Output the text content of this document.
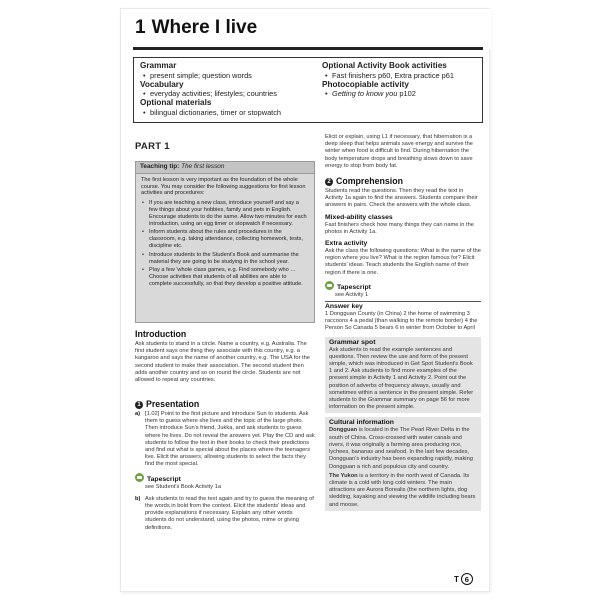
1 Where I live
Grammar
• present simple; question words
Vocabulary
• everyday activities; lifestyles; countries
Optional materials
• bilingual dictionaries, timer or stopwatch
Optional Activity Book activities
• Fast finishers p60, Extra practice p61
Photocopiable activity
• Getting to know you p102
PART 1
Teaching tip: The first lesson
The first lesson is very important as the foundation of the whole course. You may consider the following suggestions for first lesson activities and procedures:
• If you are teaching a new class, introduce yourself and say a few things about your hobbies, family and pets in English. Encourage students to do the same. Allow two minutes for each introduction, using an egg timer or stopwatch if necessary.
• Inform students about the rules and procedures in the classroom, e.g. taking attendance, collecting homework, tests, discipline etc.
• Introduce students to the Student's Book and summarise the material they are going to be studying in the school year.
• Play a few 'whole class games, e.g. Find somebody who … Choose activities that students of all abilities are able to complete successfully, so that they develop a positive attitude.
Introduction
Ask students to stand in a circle. Name a country, e.g. Australia. The first student says one thing they associate with this country, e.g. a kangaroo and says the name of another country, e.g. The USA for the second student to make their association. The second student then adds another country and so on round the circle. Students are not allowed to repeat any countries.
1 Presentation
a) [1.02] Point to the first picture and introduce Sun to students. Ask them to guess where she lives and the topic of the large photo. Then introduce Sun's friend, Jukka, and ask students to guess where he lives. Do not reveal the answers yet. Play the CD and ask students to follow the text in their books to check their predictions and find out what is special about the places where the teenagers live. Elicit the answers, allowing students to select the facts they find the most special.
Tapescript
see Student's Book Activity 1a
b) Ask students to read the text again and try to guess the meaning of the words in bold from the context. Elicit the students' ideas and provide explanations if necessary. Explain any other words students do not understand, using the photos, mime or giving definitions.
Elicit or explain, using L1 if necessary, that hibernation is a deep sleep that helps animals save energy and survive the winter when food is difficult to find. During hibernation the body temperature drops and breathing slows down to save energy to stop from body fat.
2 Comprehension
Students read the questions. Then they read the text in Activity 1a again to find the answers. Students compare their answers in pairs. Check the answers with the whole class.
Mixed-ability classes
Fast finishers check how many things they can name in the photos in Activity 1a.
Extra activity
Ask the class the following questions: What is the name of the region where you live? What is the region famous for? Elicit students' ideas. Teach students the English name of their region if there is one.
Tapescript
see Activity 1
Answer key
1 Dongguan County (in China) 2 the home of swimming 3 raccoons 4 a pedal (than walking to the remote border) 4 the Person So Canada 5 bears 6 in winter from October to April
Grammar spot
Ask students to read the example sentences and questions. Then review the use and form of the present simple, which was introduced in Get Spot Student's Book 1 and 2. Ask students to find more examples of the present simple in Activity 1 and Activity 2. Point out the position of adverbs of frequency always, usually and sometimes within a sentence in the present simple. Refer students to the Grammar summary on page 56 for more information on the present simple.
Cultural information
Dongguan is located in the The Pearl River Delta in the south of China. Cross-crossed with water canals and rivers, it was originally a farming area producing rice, lychees, bananas and seafood. In the last few decades, Dongguan's industry has been expanding rapidly, making Dongguan a rich and populous city and country.
The Yukon is a territory in the north west of Canada. Its climate is a cold with long cold winters. The main attractions are Aurora Borealis (the northern lights, dog sledding, kayaking and viewing the wildlife including bears and moose.
T 6
